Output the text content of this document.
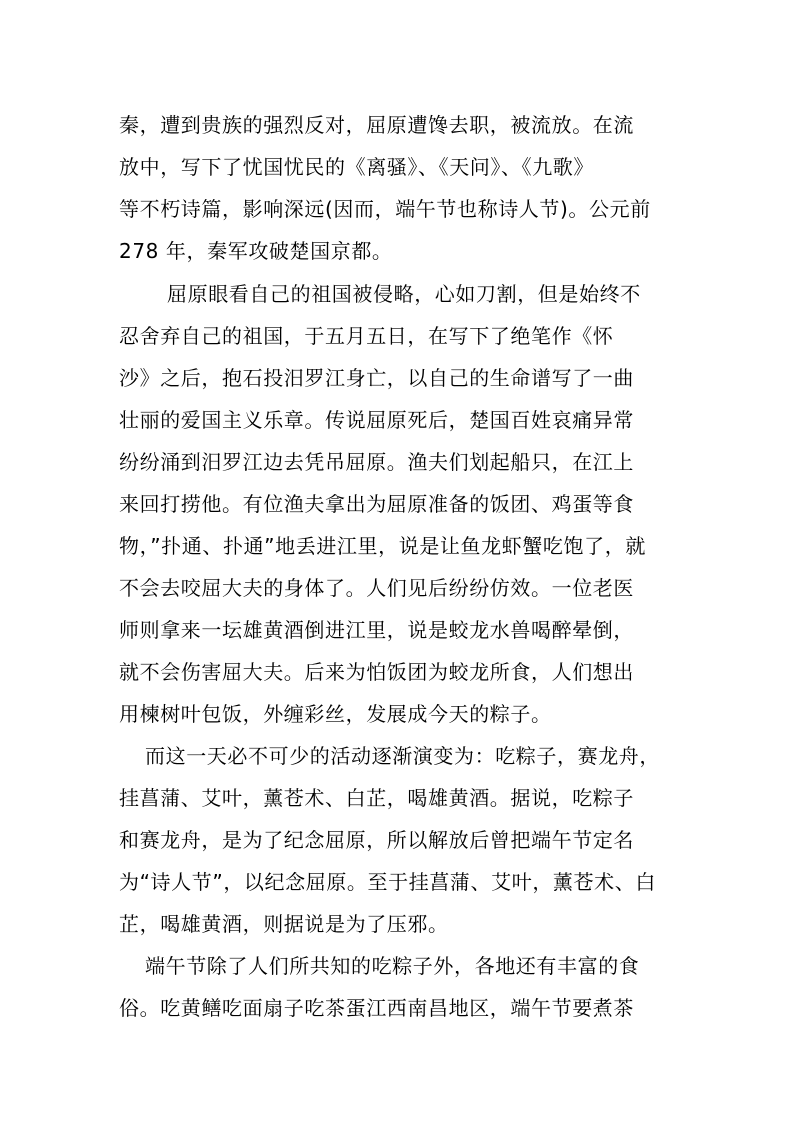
秦，遭到贵族的强烈反对，屈原遭馋去职，被流放。在流
放中，写下了忧国忧民的《离骚》、《天问》、《九歌》
等不朽诗篇，影响深远(因而，端午节也称诗人节)。公元前
278 年，秦军攻破楚国京都。
屈原眼看自己的祖国被侵略，心如刀割，但是始终不
忍舍弃自己的祖国，于五月五日，在写下了绝笔作《怀
沙》之后，抱石投汨罗江身亡，以自己的生命谱写了一曲
壮丽的爱国主义乐章。传说屈原死后，楚国百姓哀痛异常
纷纷涌到汨罗江边去凭吊屈原。渔夫们划起船只，在江上
来回打捞他。有位渔夫拿出为屈原准备的饭团、鸡蛋等食
物，”扑通、扑通”地丢进江里，说是让鱼龙虾蟹吃饱了，就
不会去咬屈大夫的身体了。人们见后纷纷仿效。一位老医
师则拿来一坛雄黄酒倒进江里，说是蛟龙水兽喝醉晕倒，
就不会伤害屈大夫。后来为怕饭团为蛟龙所食，人们想出
用楝树叶包饭，外缠彩丝，发展成今天的粽子。
而这一天必不可少的活动逐渐演变为：吃粽子，赛龙舟，
挂菖蒲、艾叶，薰苍术、白芷，喝雄黄酒。据说，吃粽子
和赛龙舟，是为了纪念屈原，所以解放后曾把端午节定名
为“诗人节”，以纪念屈原。至于挂菖蒲、艾叶，薰苍术、白
芷，喝雄黄酒，则据说是为了压邪。
端午节除了人们所共知的吃粽子外，各地还有丰富的食
俗。吃黄鳝吃面扇子吃茶蛋江西南昌地区，端午节要煮茶
